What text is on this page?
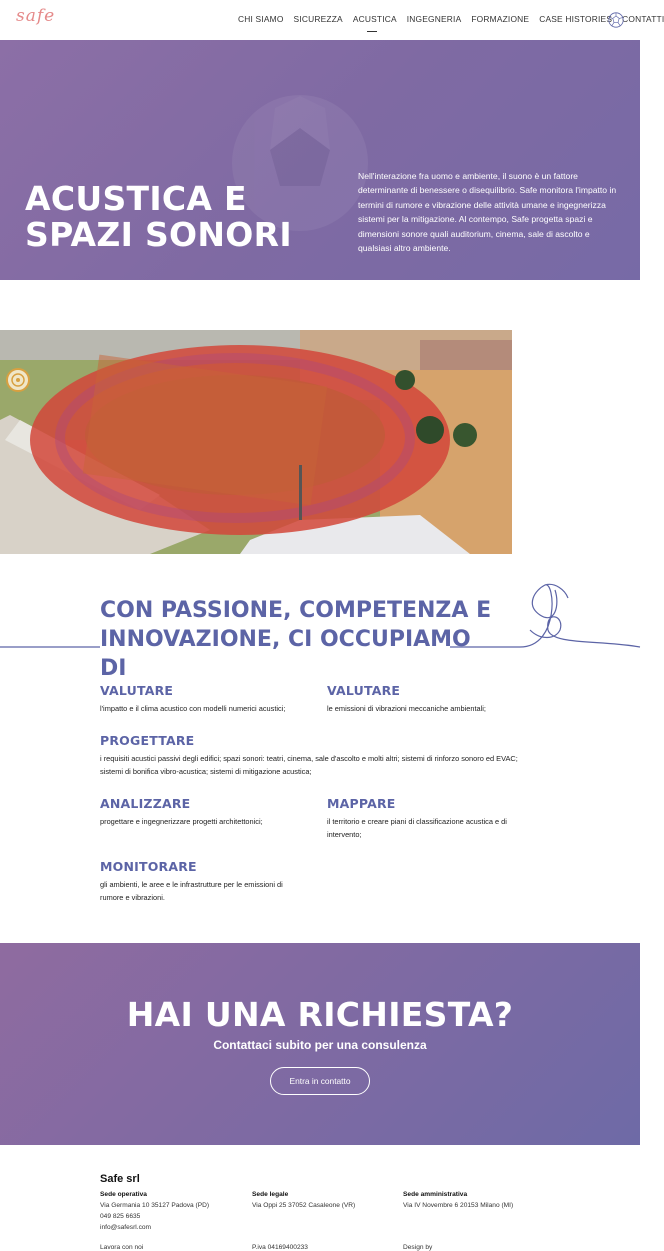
safe	CHI SIAMO SICUREZZA ACUSTICA INGEGNERIA FORMAZIONE CASE HISTORIES CONTATTI
ACUSTICA E SPAZI SONORI

Nell'interazione fra uomo e ambiente, il suono è un fattore determinante di benessere o disequilibrio. Safe monitora l'impatto in termini di rumore e vibrazione delle attività umane e ingegnerizza sistemi per la mitigazione. Al contempo, Safe progetta spazi e dimensioni sonore quali auditorium, cinema, sale di ascolto e qualsiasi altro ambiente.

CON PASSIONE, COMPETENZA E INNOVAZIONE, CI OCCUPIAMO DI
VALUTARE

l'impatto e il clima acustico con modelli numerici acustici;

VALUTARE

le emissioni di vibrazioni meccaniche ambientali;

PROGETTARE

i requisiti acustici passivi degli edifici; spazi sonori: teatri, cinema, sale d'ascolto e molti altri; sistemi di rinforzo sonoro ed EVAC; sistemi di bonifica vibro-acustica; sistemi di mitigazione acustica;

ANALIZZARE

progettare e ingegnerizzare progetti architettonici;

MAPPARE

il territorio e creare piani di classificazione acustica e di intervento;

MONITORARE

gli ambienti, le aree e le infrastrutture per le emissioni di rumore e vibrazioni.

HAI UNA RICHIESTA?
Contattaci subito per una consulenza
Entra in contatto
Safe srl
Sede operativa
Via Germania 10 35127 Padova (PD)
049 825 6635
info@safesrl.com
Sede legale
Via Oppi 25 37052 Casaleone (VR)
Sede amministrativa
Via IV Novembre 6 20153 Milano (MI)
Lavora con noi	P.iva 04169400233	Design by
